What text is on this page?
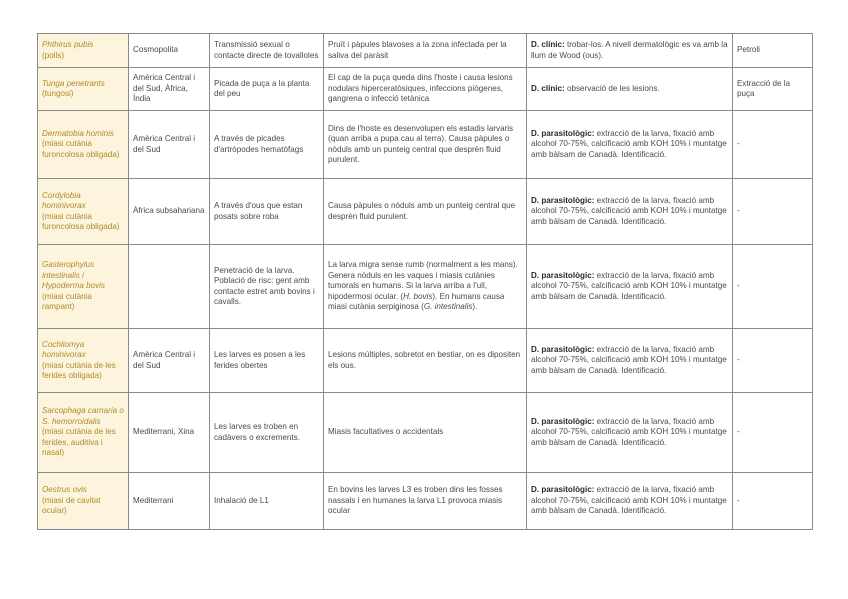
Phthirus pubis
(polls)	Cosmopolita	Transmissió sexual o contacte directe de tovalloles	Pruït i pàpules blavoses a la zona infectada per la saliva del paràsit	D. clínic: trobar-los. A nivell dermatològic es va amb la llum de Wood (ous).	Petroli

Tunga penetrants
(tungosi)	Amèrica Central i del Sud, Àfrica, Índia	Picada de puça a la planta del peu	El cap de la puça queda dins l'hoste i causa lesions nodulars hiperceratòsiques, infeccions piògenes, gangrena o infecció tetànica	D. clínic: observació de les lesions.	Extracció de la puça

Dermatobia hominis
(miasi cutània furoncolosa obligada)	Amèrica Central i del Sud	A través de picades d'artròpodes hematòfags	Dins de l'hoste es desenvolupen els estadis larvaris (quan arriba a pupa cau al terra). Causa pàpules o nòduls amb un punteig central que desprèn fluid purulent.	D. parasitològic: extracció de la larva, fixació amb alcohol 70-75%, calcificació amb KOH 10% i muntatge amb bàlsam de Canadà. Identificació.	-

Cordylobia hominivorax
(miasi cutània furoncolosa obligada)	Àfrica subsahariana	A través d'ous que estan posats sobre roba	Causa pàpules o nòduls amb un punteig central que desprèn fluid purulent.	D. parasitològic: extracció de la larva, fixació amb alcohol 70-75%, calcificació amb KOH 10% i muntatge amb bàlsam de Canadà. Identificació.	-

Gasterophylus intestinalis i Hypoderma bovis
(miasi cutània rampant)		Penetració de la larva. Població de risc: gent amb contacte estret amb bovins i cavalls.	La larva migra sense rumb (normalment a les mans). Genera nòduls en les vaques i miasis cutànies tumorals en humans. Si la larva arriba a l'ull, hipodermosi ocular. (H. bovis). En humans causa miasi cutània serpiginosa (G. intestinalis).	D. parasitològic: extracció de la larva, fixació amb alcohol 70-75%, calcificació amb KOH 10% i muntatge amb bàlsam de Canadà. Identificació.	-

Cochliomya hominivorax
(miasi cutània de les ferides obligada)	Amèrica Central i del Sud	Les larves es posen a les ferides obertes	Lesions múltiples, sobretot en bestiar, on es dipositen els ous.	D. parasitològic: extracció de la larva, fixació amb alcohol 70-75%, calcificació amb KOH 10% i muntatge amb bàlsam de Canadà. Identificació.	-

Sarcophaga carnaria o S. hemorroidalis
(miasi cutània de les ferides, auditiva i nasal)	Mediterrani, Xina	Les larves es troben en cadàvers o excrements.	Miasis facultatives o accidentals	D. parasitològic: extracció de la larva, fixació amb alcohol 70-75%, calcificació amb KOH 10% i muntatge amb bàlsam de Canadà. Identificació.	-

Oestrus ovis
(miasi de cavitat ocular)	Mediterrani	Inhalació de L1	En bovins les larves L3 es troben dins les fosses nassals i en humanes la larva L1 provoca miasis ocular	D. parasitològic: extracció de la larva, fixació amb alcohol 70-75%, calcificació amb KOH 10% i muntatge amb bàlsam de Canadà. Identificació.	-
